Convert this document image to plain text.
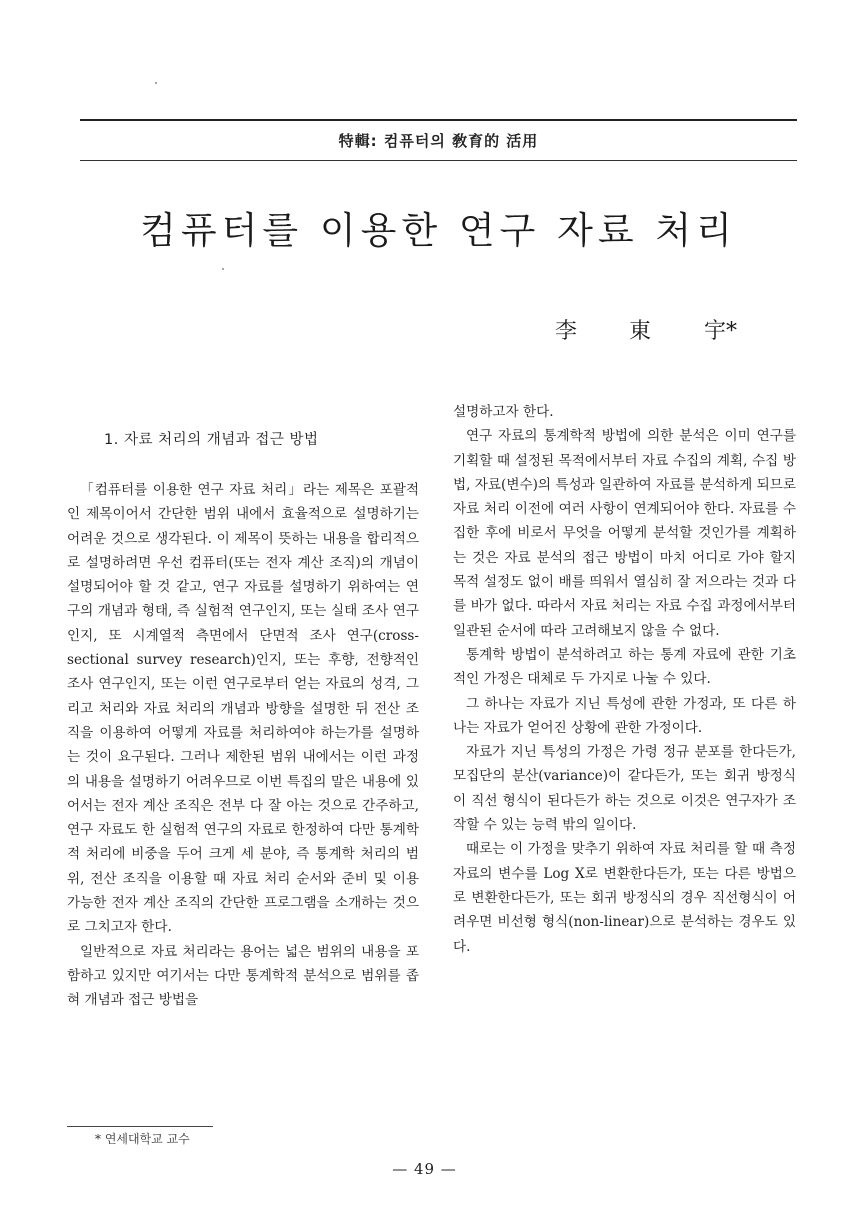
特輯: 컴퓨터의 敎育的 活用
컴퓨터를 이용한 연구 자료 처리
李	東	宇*
1. 자료 처리의 개념과 접근 방법

「컴퓨터를 이용한 연구 자료 처리」라는 제목은 포괄적인 제목이어서 간단한 범위 내에서 효율적으로 설명하기는 어려운 것으로 생각된다. 이 제목이 뜻하는 내용을 합리적으로 설명하려면 우선 컴퓨터(또는 전자 계산 조직)의 개념이 설명되어야 할 것 같고, 연구 자료를 설명하기 위하여는 연구의 개념과 형태, 즉 실험적 연구인지, 또는 실태 조사 연구인지, 또 시계열적 측면에서 단면적 조사 연구(cross-sectional survey research)인지, 또는 후향, 전향적인 조사 연구인지, 또는 이런 연구로부터 얻는 자료의 성격, 그리고 처리와 자료 처리의 개념과 방향을 설명한 뒤 전산 조직을 이용하여 어떻게 자료를 처리하여야 하는가를 설명하는 것이 요구된다. 그러나 제한된 범위 내에서는 이런 과정의 내용을 설명하기 어려우므로 이번 특집의 말은 내용에 있어서는 전자 계산 조직은 전부 다 잘 아는 것으로 간주하고, 연구 자료도 한 실험적 연구의 자료로 한정하여 다만 통계학적 처리에 비중을 두어 크게 세 분야, 즉 통계학 처리의 범위, 전산 조직을 이용할 때 자료 처리 순서와 준비 및 이용 가능한 전자 계산 조직의 간단한 프로그램을 소개하는 것으로 그치고자 한다.

일반적으로 자료 처리라는 용어는 넓은 범위의 내용을 포함하고 있지만 여기서는 다만 통계학적 분석으로 범위를 좁혀 개념과 접근 방법을

설명하고자 한다.

연구 자료의 통계학적 방법에 의한 분석은 이미 연구를 기획할 때 설정된 목적에서부터 자료 수집의 계획, 수집 방법, 자료(변수)의 특성과 일관하여 자료를 분석하게 되므로 자료 처리 이전에 여러 사항이 연계되어야 한다. 자료를 수집한 후에 비로서 무엇을 어떻게 분석할 것인가를 계획하는 것은 자료 분석의 접근 방법이 마치 어디로 가야 할지 목적 설정도 없이 배를 띄워서 열심히 잘 저으라는 것과 다를 바가 없다. 따라서 자료 처리는 자료 수집 과정에서부터 일관된 순서에 따라 고려해보지 않을 수 없다.

통계학 방법이 분석하려고 하는 통계 자료에 관한 기초적인 가정은 대체로 두 가지로 나눌 수 있다.

그 하나는 자료가 지닌 특성에 관한 가정과, 또 다른 하나는 자료가 얻어진 상황에 관한 가정이다.

자료가 지닌 특성의 가정은 가령 정규 분포를 한다든가, 모집단의 분산(variance)이 같다든가, 또는 회귀 방정식이 직선 형식이 된다든가 하는 것으로 이것은 연구자가 조작할 수 있는 능력 밖의 일이다.

때로는 이 가정을 맞추기 위하여 자료 처리를 할 때 측정 자료의 변수를 Log X로 변환한다든가, 또는 다른 방법으로 변환한다든가, 또는 회귀 방정식의 경우 직선형식이 어려우면 비선형 형식(non-linear)으로 분석하는 경우도 있다.

* 연세대학교 교수
— 49 —
